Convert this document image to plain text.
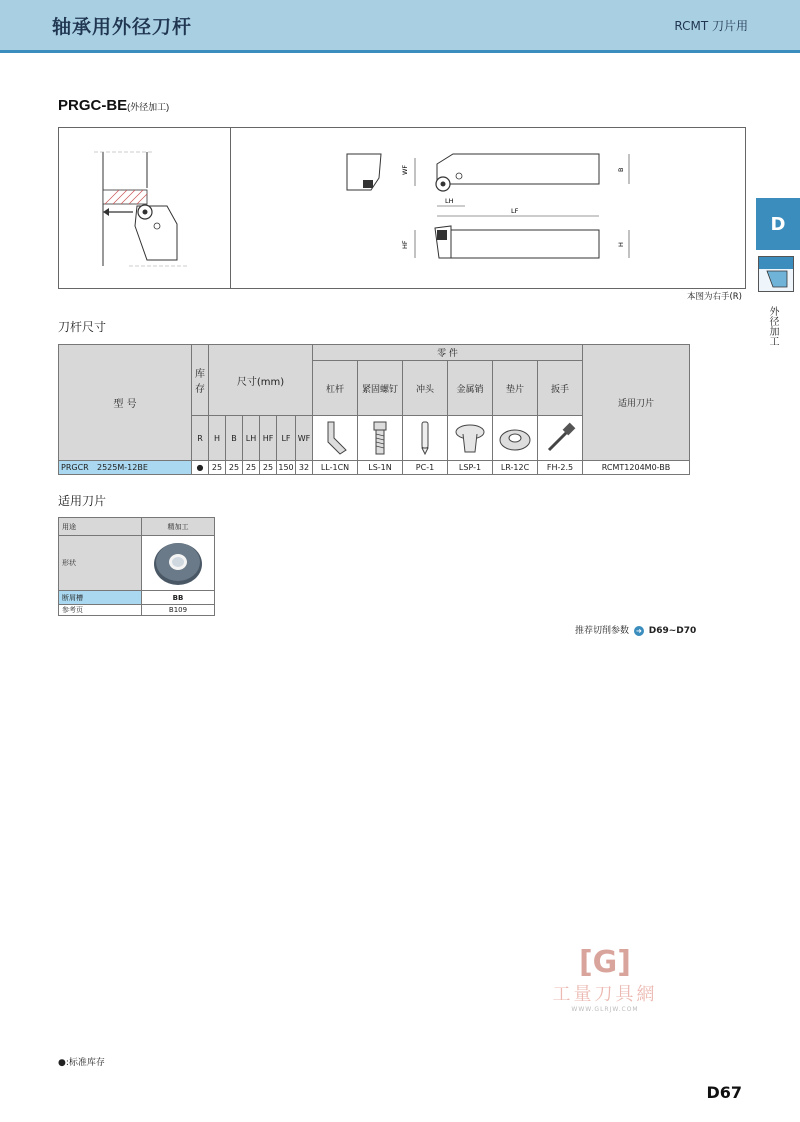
轴承用外径刀杆	RCMT 刀片用
D
外径加工
PRGC-BE(外径加工)
WF	B
LH
LF
HF	H
本图为右手(R)
刀杆尺寸
型 号		库存	尺寸(mm)						零 件						适用刀片
									杠杆	紧固螺钉	冲头	金属销	垫片	扳手	
		R	H	B	LH	HF	LF	WF	

PRGCR	2525M-12BE	●	25	25	25	25	150	32	LL-1CN	LS-1N	PC-1	LSP-1	LR-12C	FH-2.5	RCMT1204M0-BB
适用刀片
用途	精加工
形状	

断屑槽	BB
参考页	B109
推荐切削参数 ➜ D69~D70
[G]
工量刀具網
WWW.GLRJW.COM
●:标准库存
D67
